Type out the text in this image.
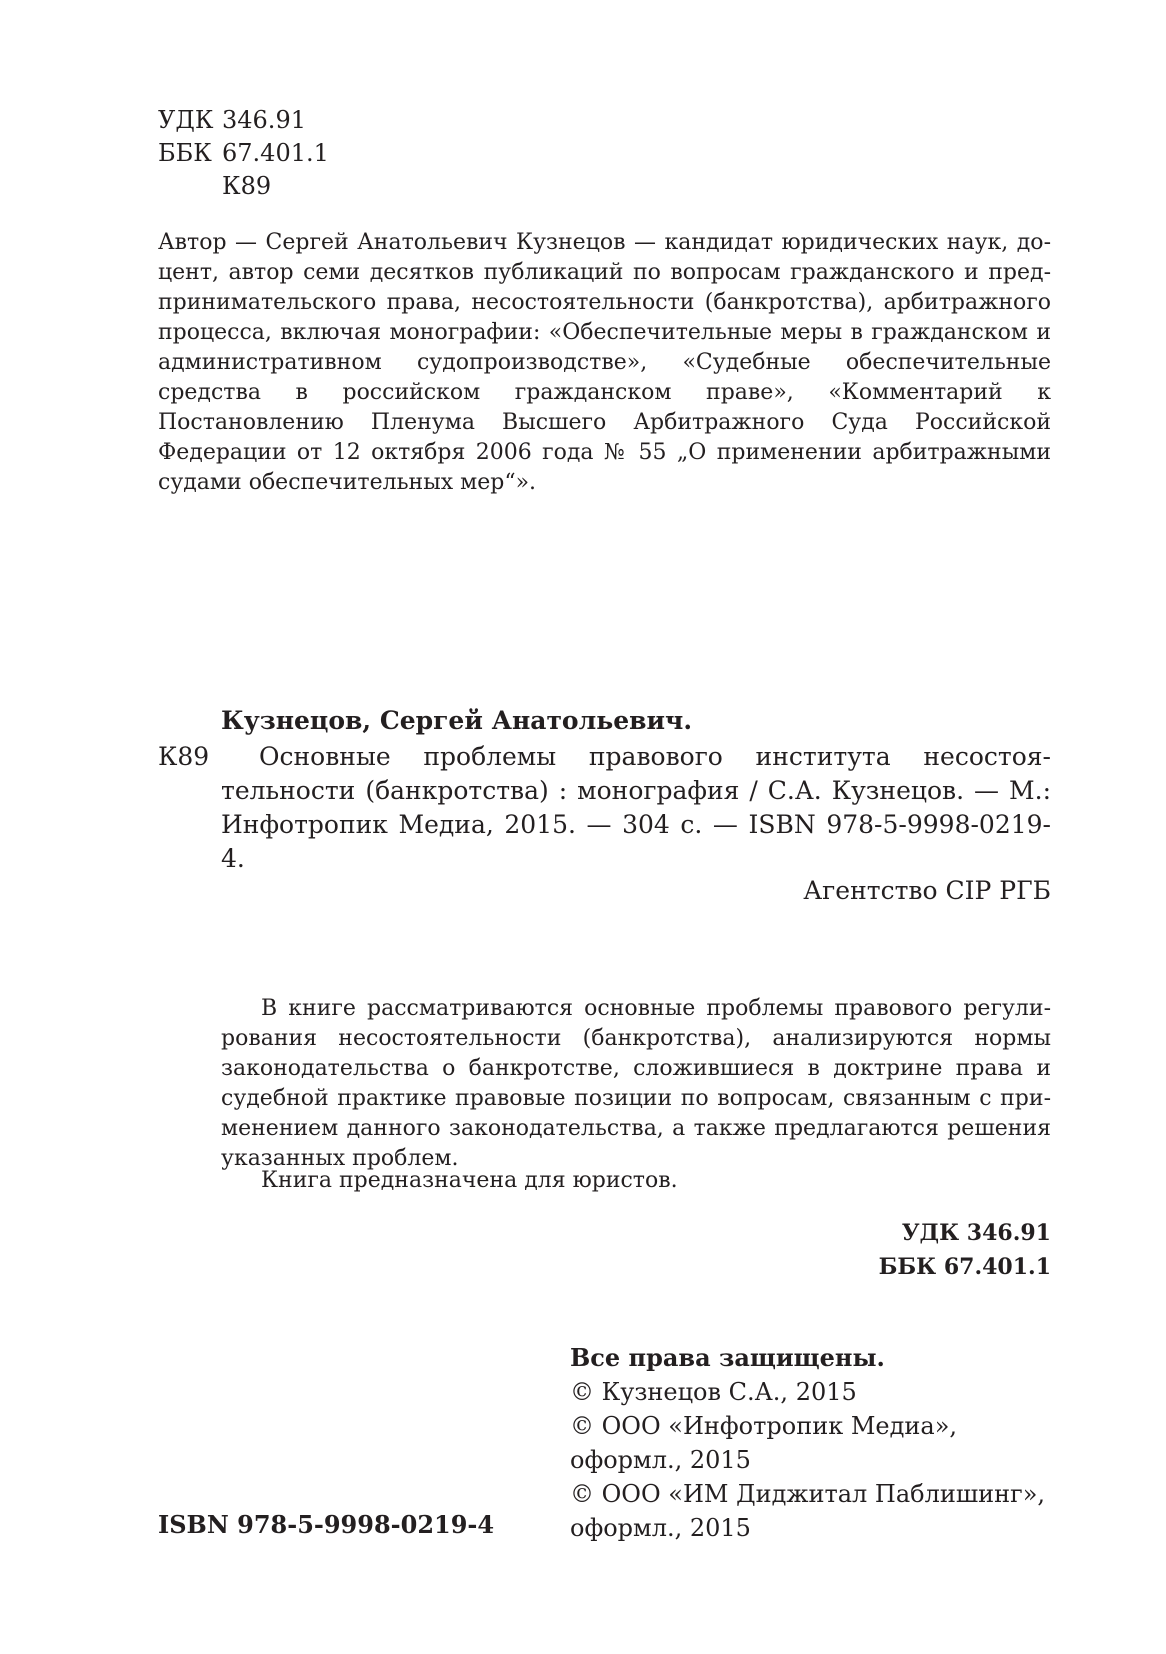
УДК 346.91
ББК 67.401.1
К89
Автор — Сергей Анатольевич Кузнецов — кандидат юридических наук, доцент, автор семи десятков публикаций по вопросам гражданского и предпринимательского права, несостоятельности (банкротства), арбитражного процесса, включая монографии: «Обеспечительные меры в гражданском и административном судопроизводстве», «Судебные обеспечительные средства в российском гражданском праве», «Комментарий к Постановлению Пленума Высшего Арбитражного Суда Российской Федерации от 12 октября 2006 года № 55 „О применении арбитражными судами обеспечительных мер“».
Кузнецов, Сергей Анатольевич.
К89	Основные проблемы правового института несостоятельности (банкротства) : монография / С.А. Кузнецов. — М.: Инфотропик Медиа, 2015. — 304 с. — ISBN 978-5-9998-0219-4.
Агентство CIP РГБ
В книге рассматриваются основные проблемы правового регулирования несостоятельности (банкротства), анализируются нормы законодательства о банкротстве, сложившиеся в доктрине права и судебной практике правовые позиции по вопросам, связанным с применением данного законодательства, а также предлагаются решения указанных проблем.
Книга предназначена для юристов.
УДК 346.91
ББК 67.401.1
Все права защищены.
© Кузнецов С.А., 2015
© ООО «Инфотропик Медиа»,
оформл., 2015
© ООО «ИМ Диджитал Паблишинг»,
оформл., 2015
ISBN 978-5-9998-0219-4
